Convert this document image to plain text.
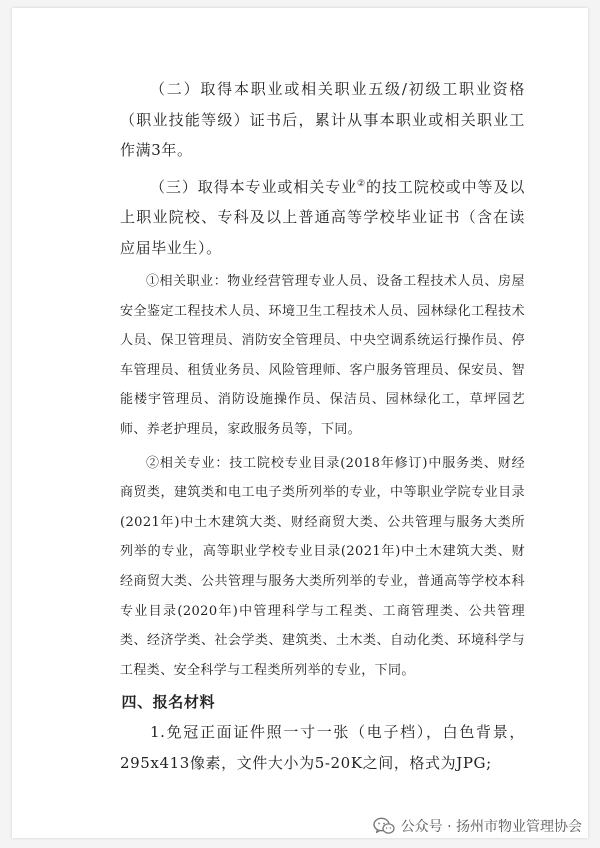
（二）取得本职业或相关职业五级/初级工职业资格（职业技能等级）证书后，累计从事本职业或相关职业工作满3年。

（三）取得本专业或相关专业②的技工院校或中等及以上职业院校、专科及以上普通高等学校毕业证书（含在读应届毕业生）。

①相关职业：物业经营管理专业人员、设备工程技术人员、房屋安全鉴定工程技术人员、环境卫生工程技术人员、园林绿化工程技术人员、保卫管理员、消防安全管理员、中央空调系统运行操作员、停车管理员、租赁业务员、风险管理师、客户服务管理员、保安员、智能楼宇管理员、消防设施操作员、保洁员、园林绿化工，草坪园艺师、养老护理员，家政服务员等，下同。

②相关专业：技工院校专业目录(2018年修订)中服务类、财经商贸类，建筑类和电工电子类所列举的专业，中等职业学院专业目录(2021年)中土木建筑大类、财经商贸大类、公共管理与服务大类所列举的专业，高等职业学校专业目录(2021年)中土木建筑大类、财经商贸大类、公共管理与服务大类所列举的专业，普通高等学校本科专业目录(2020年)中管理科学与工程类、工商管理类、公共管理类、经济学类、社会学类、建筑类、土木类、自动化类、环境科学与工程类、安全科学与工程类所列举的专业，下同。

四、报名材料

1.免冠正面证件照一寸一张（电子档），白色背景，295x413像素，文件大小为5-20K之间，格式为JPG;

公众号 · 扬州市物业管理协会
